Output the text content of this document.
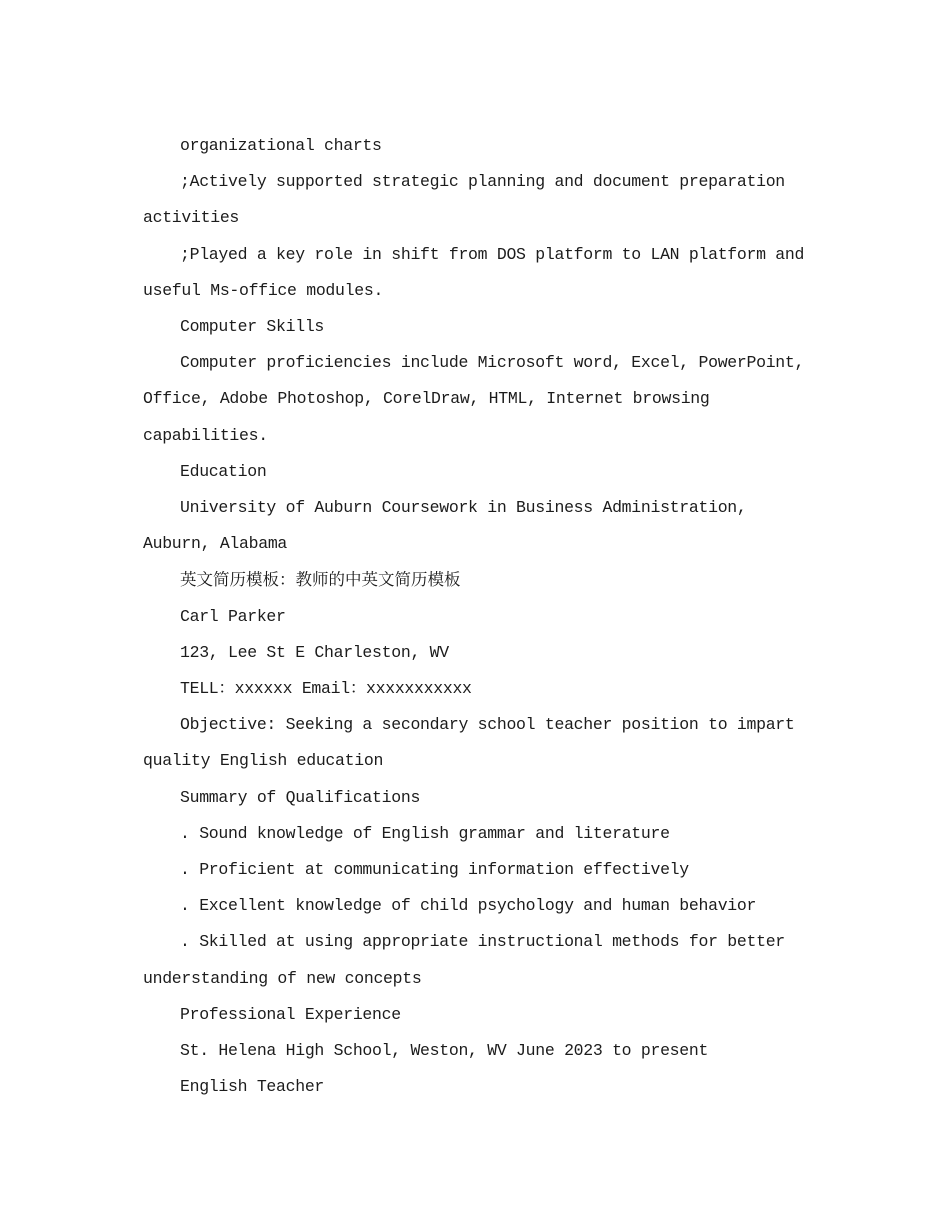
organizational charts

;Actively supported strategic planning and document preparation activities

;Played a key role in shift from DOS platform to LAN platform and useful Ms-office modules.

Computer Skills

Computer proficiencies include Microsoft word, Excel, PowerPoint, Office, Adobe Photoshop, CorelDraw, HTML, Internet browsing capabilities.

Education

University of Auburn Coursework in Business Administration, Auburn, Alabama

英文简历模板：教师的中英文简历模板

Carl Parker

123, Lee St E Charleston, WV

TELL：xxxxxx Email：xxxxxxxxxxx

Objective: Seeking a secondary school teacher position to impart quality English education

Summary of Qualifications

. Sound knowledge of English grammar and literature

. Proficient at communicating information effectively

. Excellent knowledge of child psychology and human behavior

. Skilled at using appropriate instructional methods for better understanding of new concepts

Professional Experience

St. Helena High School, Weston, WV June 2023 to present

English Teacher
